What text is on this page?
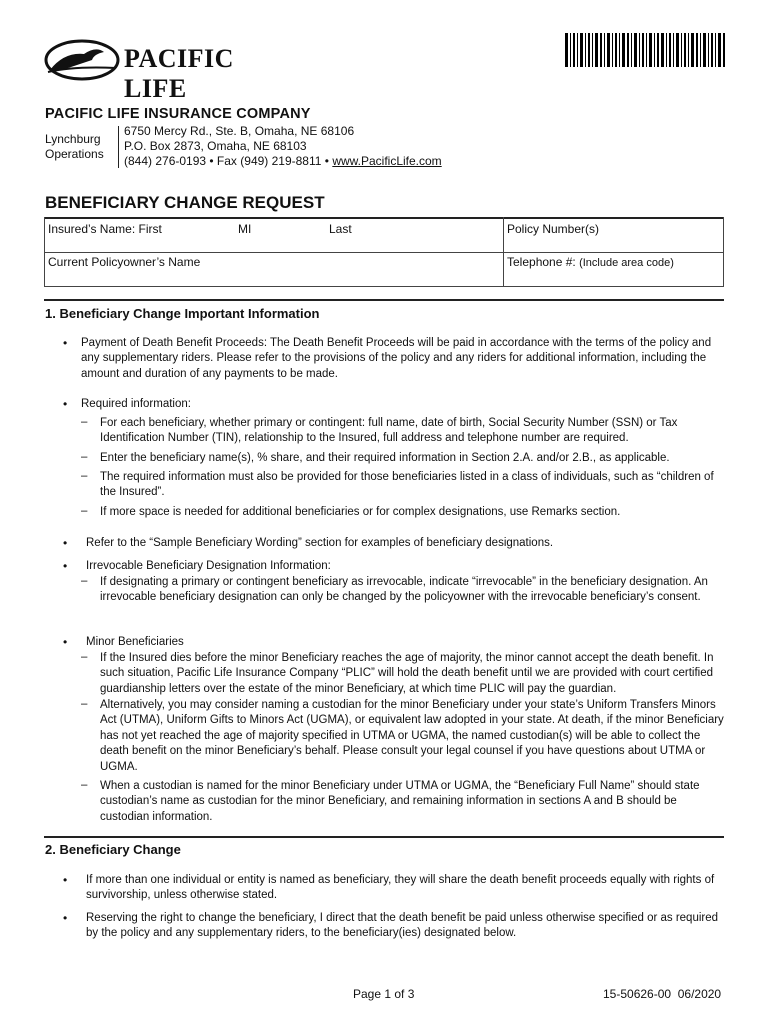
PACIFIC LIFE
PACIFIC LIFE INSURANCE COMPANY
Lynchburg Operations
6750 Mercy Rd., Ste. B, Omaha, NE 68106
P.O. Box 2873, Omaha, NE 68103
(844) 276-0193 • Fax (949) 219-8811 • www.PacificLife.com
BENEFICIARY CHANGE REQUEST
Insured’s Name: First	MI	Last	Policy Number(s)
Current Policyowner’s Name	Telephone #: (Include area code)
1. Beneficiary Change Important Information
• Payment of Death Benefit Proceeds: The Death Benefit Proceeds will be paid in accordance with the terms of the policy and any supplementary riders. Please refer to the provisions of the policy and any riders for additional information, including the amount and duration of any payments to be made.
• Required information:
– For each beneficiary, whether primary or contingent: full name, date of birth, Social Security Number (SSN) or Tax Identification Number (TIN), relationship to the Insured, full address and telephone number are required.
– Enter the beneficiary name(s), % share, and their required information in Section 2.A. and/or 2.B., as applicable.
– The required information must also be provided for those beneficiaries listed in a class of individuals, such as “children of the Insured”.
– If more space is needed for additional beneficiaries or for complex designations, use Remarks section.
• Refer to the “Sample Beneficiary Wording” section for examples of beneficiary designations.
• Irrevocable Beneficiary Designation Information:
– If designating a primary or contingent beneficiary as irrevocable, indicate “irrevocable” in the beneficiary designation. An irrevocable beneficiary designation can only be changed by the policyowner with the irrevocable beneficiary’s consent.
• Minor Beneficiaries
– If the Insured dies before the minor Beneficiary reaches the age of majority, the minor cannot accept the death benefit. In such situation, Pacific Life Insurance Company “PLIC” will hold the death benefit until we are provided with court certified guardianship letters over the estate of the minor Beneficiary, at which time PLIC will pay the guardian.
– Alternatively, you may consider naming a custodian for the minor Beneficiary under your state’s Uniform Transfers Minors Act (UTMA), Uniform Gifts to Minors Act (UGMA), or equivalent law adopted in your state. At death, if the minor Beneficiary has not yet reached the age of majority specified in UTMA or UGMA, the named custodian(s) will be able to collect the death benefit on the minor Beneficiary’s behalf. Please consult your legal counsel if you have questions about UTMA or UGMA.
– When a custodian is named for the minor Beneficiary under UTMA or UGMA, the “Beneficiary Full Name” should state custodian’s name as custodian for the minor Beneficiary, and remaining information in sections A and B should be custodian information.
2. Beneficiary Change
• If more than one individual or entity is named as beneficiary, they will share the death benefit proceeds equally with rights of survivorship, unless otherwise stated.
• Reserving the right to change the beneficiary, I direct that the death benefit be paid unless otherwise specified or as required by the policy and any supplementary riders, to the beneficiary(ies) designated below.
Page 1 of 3	15-50626-00  06/2020
